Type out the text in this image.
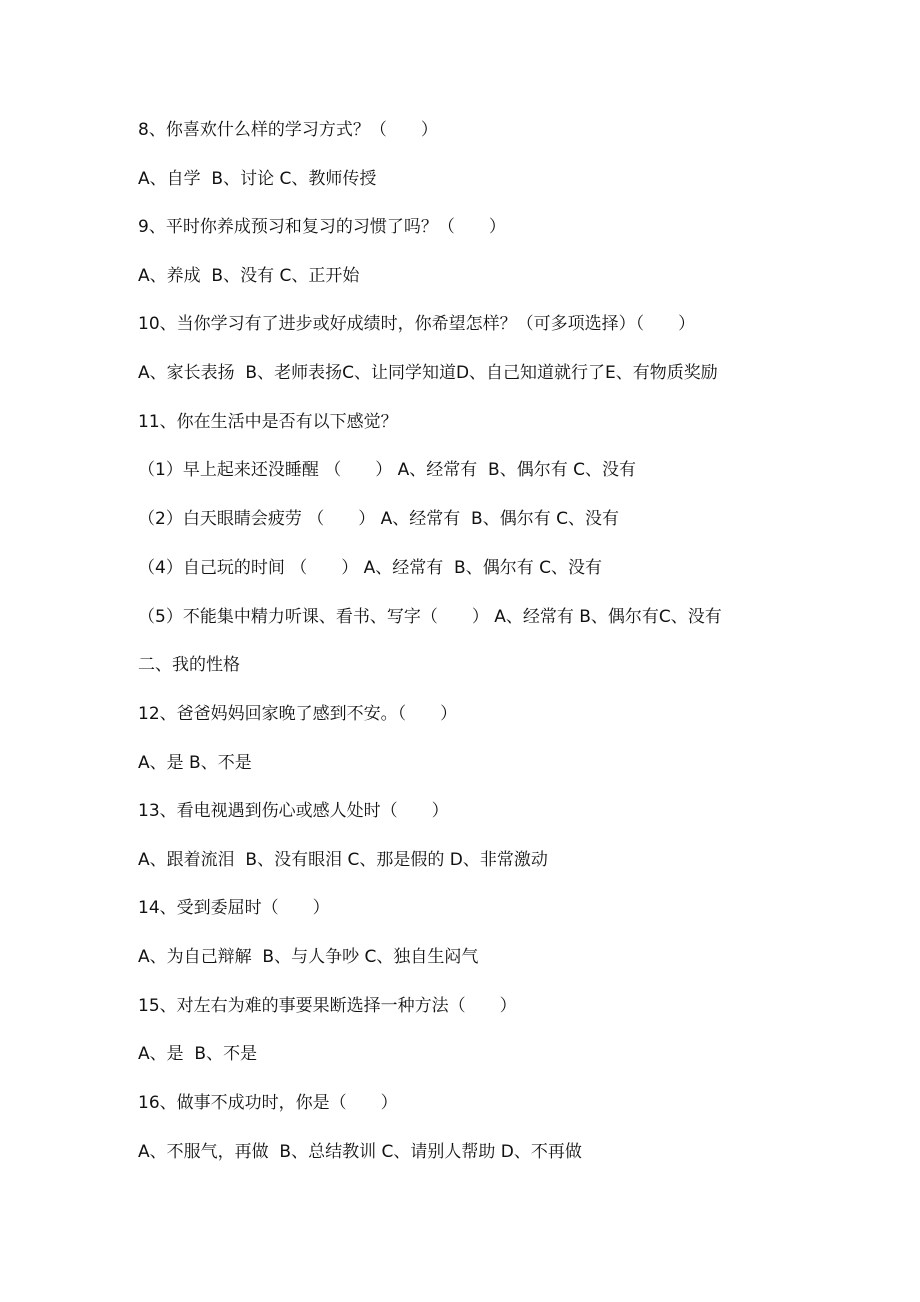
8、你喜欢什么样的学习方式？（　　）

A、自学  B、讨论 C、教师传授

9、平时你养成预习和复习的习惯了吗？（　　）

A、养成  B、没有 C、正开始

10、当你学习有了进步或好成绩时，你希望怎样？（可多项选择）（　　）

A、家长表扬  B、老师表扬C、让同学知道D、自己知道就行了E、有物质奖励

11、你在生活中是否有以下感觉？

（1）早上起来还没睡醒 （　　） A、经常有  B、偶尔有 C、没有

（2）白天眼睛会疲劳 （　　） A、经常有  B、偶尔有 C、没有

（4）自己玩的时间 （　　） A、经常有  B、偶尔有 C、没有

（5）不能集中精力听课、看书、写字（　　） A、经常有 B、偶尔有C、没有

二、我的性格

12、爸爸妈妈回家晚了感到不安。（　　）

A、是 B、不是

13、看电视遇到伤心或感人处时（　　）

A、跟着流泪  B、没有眼泪 C、那是假的 D、非常激动

14、受到委屈时（　　）

A、为自己辩解  B、与人争吵 C、独自生闷气

15、对左右为难的事要果断选择一种方法（　　）

A、是  B、不是

16、做事不成功时，你是（　　）

A、不服气，再做  B、总结教训 C、请别人帮助 D、不再做
